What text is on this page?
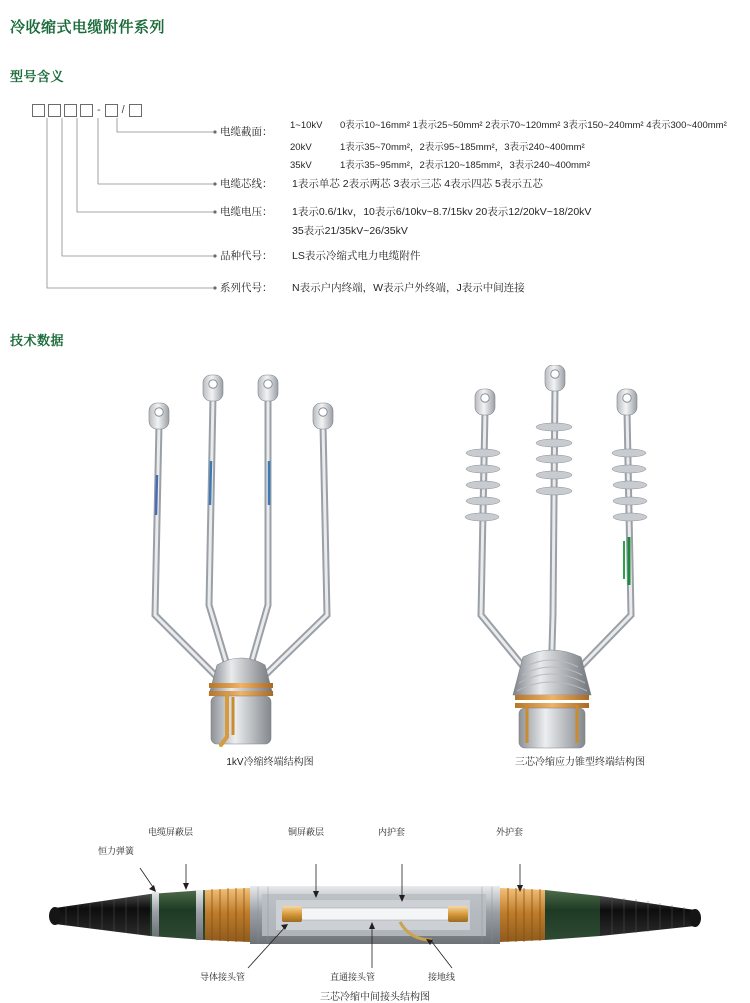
冷收缩式电缆附件系列
型号含义
- /
电缆截面：
1~10kV 0表示10~16mm² 1表示25~50mm² 2表示70~120mm² 3表示150~240mm² 4表示300~400mm²
20kV	1表示35~70mm²，2表示95~185mm²，3表示240~400mm²
35kV	1表示35~95mm²，2表示120~185mm²，3表示240~400mm²
电缆芯线： 1表示单芯 2表示两芯 3表示三芯 4表示四芯 5表示五芯
电缆电压： 1表示0.6/1kv，10表示6/10kv~8.7/15kv 20表示12/20kV~18/20kV
35表示21/35kV~26/35kV
品种代号： LS表示冷缩式电力电缆附件
系列代号： N表示户内终端，W表示户外终端，J表示中间连接
技术数据
1kV冷缩终端结构图	三芯冷缩应力锥型终端结构图
电缆屏蔽层	铜屏蔽层	内护套	外护套
恒力弹簧
导体接头管	直通接头管	接地线
三芯冷缩中间接头结构图
